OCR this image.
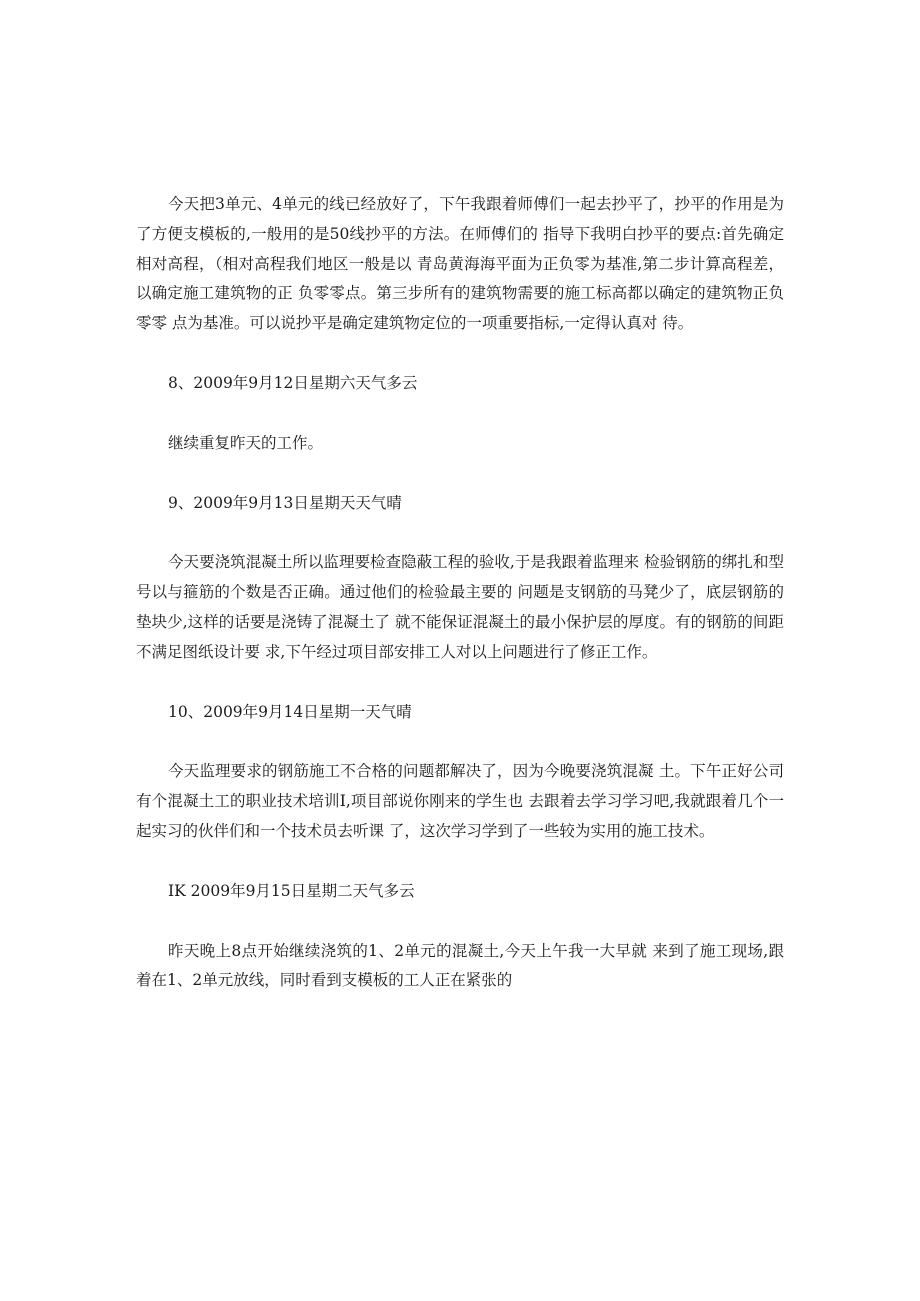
今天把3单元、4单元的线已经放好了，下午我跟着师傅们一起去抄平了，抄平的作用是为了方便支模板的,一般用的是50线抄平的方法。在师傅们的 指导下我明白抄平的要点:首先确定相对高程，（相对高程我们地区一般是以 青岛黄海海平面为正负零为基准,第二步计算高程差，以确定施工建筑物的正 负零零点。第三步所有的建筑物需要的施工标高都以确定的建筑物正负零零 点为基准。可以说抄平是确定建筑物定位的一项重要指标,一定得认真对 待。

8、2009年9月12日星期六天气多云

继续重复昨天的工作。

9、2009年9月13日星期天天气晴

今天要浇筑混凝土所以监理要检查隐蔽工程的验收,于是我跟着监理来 检验钢筋的绑扎和型号以与箍筋的个数是否正确。通过他们的检验最主要的 问题是支钢筋的马凳少了，底层钢筋的垫块少,这样的话要是浇铸了混凝土了 就不能保证混凝土的最小保护层的厚度。有的钢筋的间距不满足图纸设计要 求,下午经过项目部安排工人对以上问题进行了修正工作。

10、2009年9月14日星期一天气晴

今天监理要求的钢筋施工不合格的问题都解决了，因为今晚要浇筑混凝 土。下午正好公司有个混凝土工的职业技术培训I,项目部说你刚来的学生也 去跟着去学习学习吧,我就跟着几个一起实习的伙伴们和一个技术员去听课 了，这次学习学到了一些较为实用的施工技术。

IK 2009年9月15日星期二天气多云

昨天晚上8点开始继续浇筑的1、2单元的混凝土,今天上午我一大早就 来到了施工现场,跟着在1、2单元放线，同时看到支模板的工人正在紧张的
